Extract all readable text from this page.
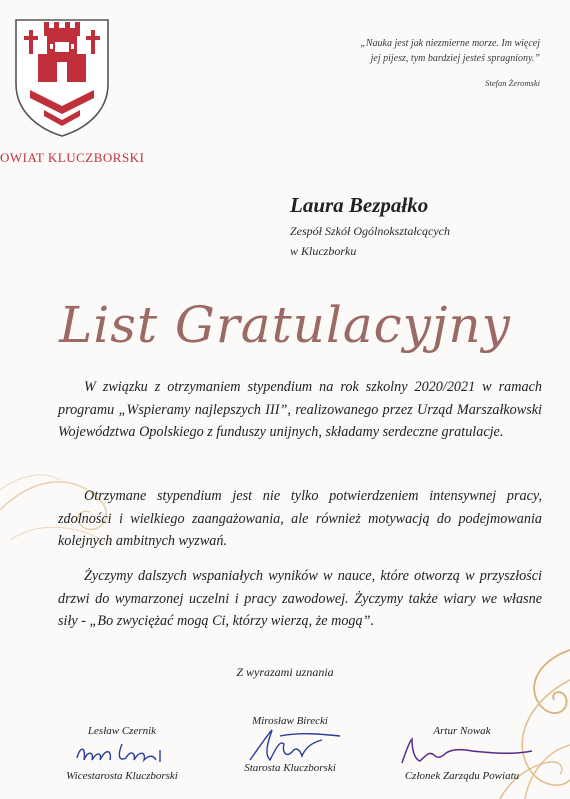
OWIAT KLUCZBORSKI
„Nauka jest jak niezmierne morze. Im więcej
jej pijesz, tym bardziej jesteś spragniony.”
Stefan Żeromski
Laura Bezpałko
Zespół Szkół Ogólnokształcących
w Kluczborku
List Gratulacyjny
W związku z otrzymaniem stypendium na rok szkolny 2020/2021 w ramach programu „Wspieramy najlepszych III”, realizowanego przez Urząd Marszałkowski Województwa Opolskiego z funduszy unijnych, składamy serdeczne gratulacje.
Otrzymane stypendium jest nie tylko potwierdzeniem intensywnej pracy, zdolności i wielkiego zaangażowania, ale również motywacją do podejmowania kolejnych ambitnych wyzwań.
Życzymy dalszych wspaniałych wyników w nauce, które otworzą w przyszłości drzwi do wymarzonej uczelni i pracy zawodowej. Życzymy także wiary we własne siły - „Bo zwyciężać mogą Ci, którzy wierzą, że mogą”.
Z wyrazami uznania
Lesław Czernik
Wicestarosta Kluczborski
Mirosław Birecki
Starosta Kluczborski
Artur Nowak
Członek Zarządu Powiatu
